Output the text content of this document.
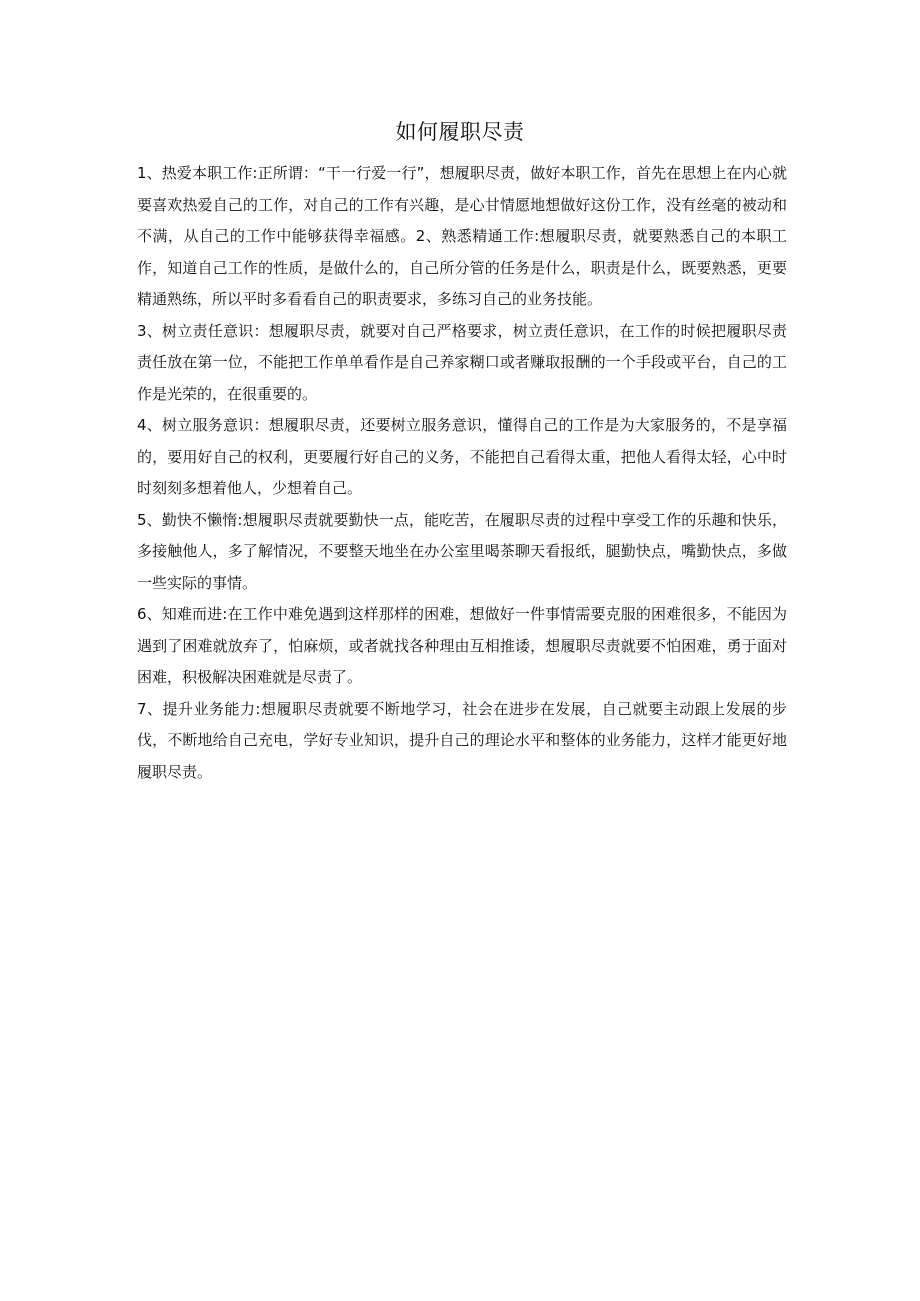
如何履职尽责

1、热爱本职工作:正所谓：“干一行爱一行”，想履职尽责，做好本职工作，首先在思想上在内心就要喜欢热爱自己的工作，对自己的工作有兴趣，是心甘情愿地想做好这份工作，没有丝毫的被动和不满，从自己的工作中能够获得幸福感。2、熟悉精通工作:想履职尽责，就要熟悉自己的本职工作，知道自己工作的性质，是做什么的，自己所分管的任务是什么，职责是什么，既要熟悉，更要精通熟练，所以平时多看看自己的职责要求，多练习自己的业务技能。

3、树立责任意识：想履职尽责，就要对自己严格要求，树立责任意识，在工作的时候把履职尽责责任放在第一位，不能把工作单单看作是自己养家糊口或者赚取报酬的一个手段或平台，自己的工作是光荣的，在很重要的。

4、树立服务意识：想履职尽责，还要树立服务意识，懂得自己的工作是为大家服务的，不是享福的，要用好自己的权利，更要履行好自己的义务，不能把自己看得太重，把他人看得太轻，心中时时刻刻多想着他人，少想着自己。

5、勤快不懒惰:想履职尽责就要勤快一点，能吃苦，在履职尽责的过程中享受工作的乐趣和快乐，多接触他人，多了解情况，不要整天地坐在办公室里喝茶聊天看报纸，腿勤快点，嘴勤快点，多做一些实际的事情。

6、知难而进:在工作中难免遇到这样那样的困难，想做好一件事情需要克服的困难很多，不能因为遇到了困难就放弃了，怕麻烦，或者就找各种理由互相推诿，想履职尽责就要不怕困难，勇于面对困难，积极解决困难就是尽责了。

7、提升业务能力:想履职尽责就要不断地学习，社会在进步在发展，自己就要主动跟上发展的步伐，不断地给自己充电，学好专业知识，提升自己的理论水平和整体的业务能力，这样才能更好地履职尽责。
